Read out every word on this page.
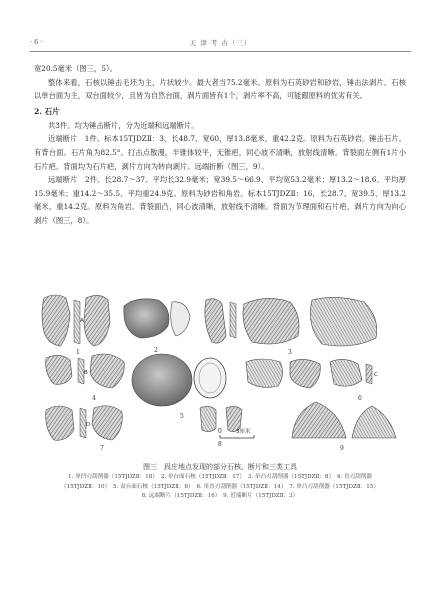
· 6 ·	天 津 考 古（三）

宽20.5毫米（图三，5）。

整体来看，石核以锤击毛坯为主，片状较少。最大者当75.2毫米。原料为石英砂岩和砂岩，锤击法剥片。石核以单台面为主，双台面较少，且皆为自然台面，剥片面皆有1个，剥片率不高，可能跟原料的优劣有关。

2. 石片

共3件。均为锤击断片，分为近端和远端断片。

近端断片　1件。标本15TJDZⅡ：3，长48.7、宽60、厚13.8毫米，重42.2克。原料为石英砂岩。锤击石片。有背台面。石片角为82.5°。打击点散漫，半锥体较平，无锥疤，同心波不清晰，放射线清晰。背裂面左侧有1片小石片疤。背面均为石片疤，剥片方向为转向剥片。远端折断（图三，9）。

远端断片　2件。长28.7～37、平均长32.9毫米；宽39.5～66.9、平均宽53.2毫米；厚13.2～18.6、平均厚15.9毫米；重14.2～35.5、平均重24.9克。原料为砂岩和角岩。标本15TJDZⅡ：16，长28.7、宽39.5、厚13.2毫米，重14.2克。原料为角岩。背裂面凸，同心波清晰，放射线不清晰。背面为节理面和石片疤，剥片方向为向心剥片（图三，8）。

A
1	2	3
B
4
5
C
6
D
7
8
0	3厘米
9
图三　段庄地点发现的部分石核、断片和三类工具
1. 单凹刃刮削器（15TJDZⅡ：18）　2. 单台面石核（15TJDZⅡ：17）　3. 单凸刃刮削器（15TJDZⅡ：8）　4. 直刃刮削器
（15TJDZⅡ：10）　5. 双台面石核（15TJDZⅡ：6）　6. 单直刃刮削器（15TJDZⅡ：14）　7. 单凸刃刮削器（15TJDZⅡ：15）
8. 远端断片（15TJDZⅡ：16）　9. 近端断片（15TJDZⅡ：3）
